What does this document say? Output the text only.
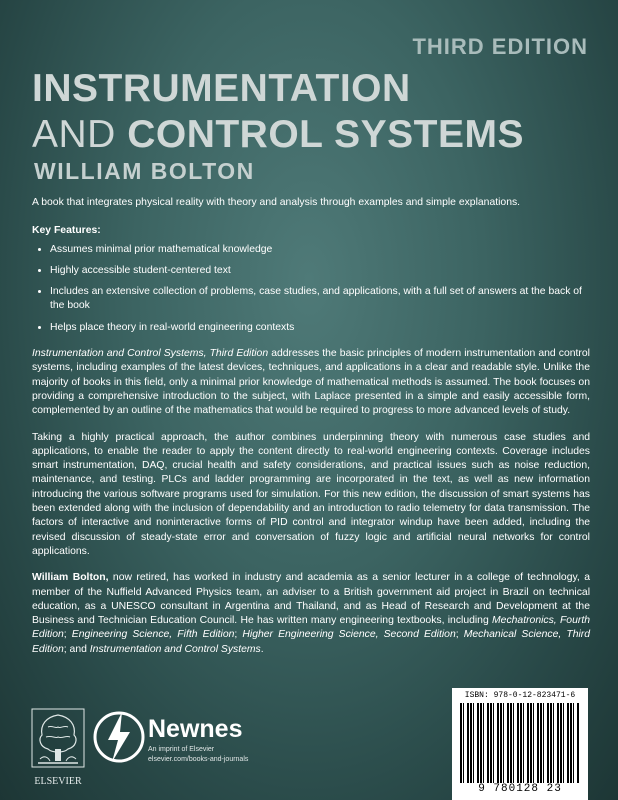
THIRD EDITION
INSTRUMENTATION
AND CONTROL SYSTEMS
WILLIAM BOLTON

A book that integrates physical reality with theory and analysis through examples and simple explanations.

Key Features:
• Assumes minimal prior mathematical knowledge
• Highly accessible student-centered text
• Includes an extensive collection of problems, case studies, and applications, with a full set of answers at the back of the book
• Helps place theory in real-world engineering contexts

Instrumentation and Control Systems, Third Edition addresses the basic principles of modern instrumentation and control systems, including examples of the latest devices, techniques, and applications in a clear and readable style. Unlike the majority of books in this field, only a minimal prior knowledge of mathematical methods is assumed. The book focuses on providing a comprehensive introduction to the subject, with Laplace presented in a simple and easily accessible form, complemented by an outline of the mathematics that would be required to progress to more advanced levels of study.

Taking a highly practical approach, the author combines underpinning theory with numerous case studies and applications, to enable the reader to apply the content directly to real-world engineering contexts. Coverage includes smart instrumentation, DAQ, crucial health and safety considerations, and practical issues such as noise reduction, maintenance, and testing. PLCs and ladder programming are incorporated in the text, as well as new information introducing the various software programs used for simulation. For this new edition, the discussion of smart systems has been extended along with the inclusion of dependability and an introduction to radio telemetry for data transmission. The factors of interactive and noninteractive forms of PID control and integrator windup have been added, including the revised discussion of steady-state error and conversation of fuzzy logic and artificial neural networks for control applications.

William Bolton, now retired, has worked in industry and academia as a senior lecturer in a college of technology, a member of the Nuffield Advanced Physics team, an adviser to a British government aid project in Brazil on technical education, as a UNESCO consultant in Argentina and Thailand, and as Head of Research and Development at the Business and Technician Education Council. He has written many engineering textbooks, including Mechatronics, Fourth Edition; Engineering Science, Fifth Edition; Higher Engineering Science, Second Edition; Mechanical Science, Third Edition; and Instrumentation and Control Systems.

ELSEVIER
Newnes
An imprint of Elsevier
elsevier.com/books-and-journals
ISBN: 978-0-12-823471-6
9 780128 23
